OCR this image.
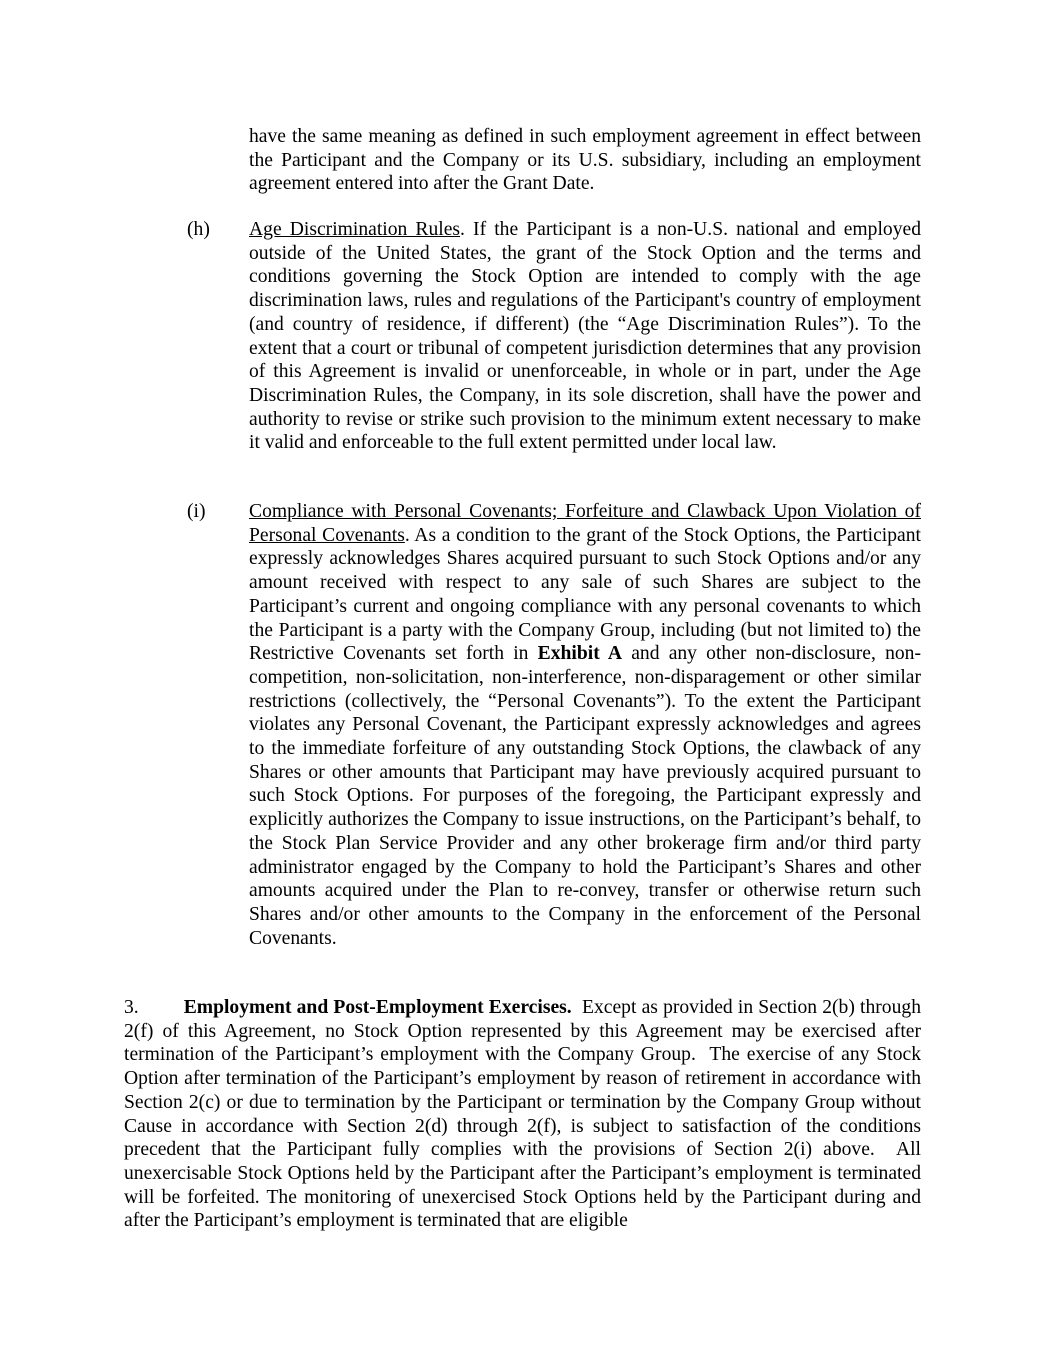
have the same meaning as defined in such employment agreement in effect between the Participant and the Company or its U.S. subsidiary, including an employment agreement entered into after the Grant Date.

(h) Age Discrimination Rules. If the Participant is a non-U.S. national and employed outside of the United States, the grant of the Stock Option and the terms and conditions governing the Stock Option are intended to comply with the age discrimination laws, rules and regulations of the Participant's country of employment (and country of residence, if different) (the “Age Discrimination Rules”). To the extent that a court or tribunal of competent jurisdiction determines that any provision of this Agreement is invalid or unenforceable, in whole or in part, under the Age Discrimination Rules, the Company, in its sole discretion, shall have the power and authority to revise or strike such provision to the minimum extent necessary to make it valid and enforceable to the full extent permitted under local law.

(i) Compliance with Personal Covenants; Forfeiture and Clawback Upon Violation of Personal Covenants. As a condition to the grant of the Stock Options, the Participant expressly acknowledges Shares acquired pursuant to such Stock Options and/or any amount received with respect to any sale of such Shares are subject to the Participant’s current and ongoing compliance with any personal covenants to which the Participant is a party with the Company Group, including (but not limited to) the Restrictive Covenants set forth in Exhibit A and any other non-disclosure, non-competition, non-solicitation, non-interference, non-disparagement or other similar restrictions (collectively, the “Personal Covenants”). To the extent the Participant violates any Personal Covenant, the Participant expressly acknowledges and agrees to the immediate forfeiture of any outstanding Stock Options, the clawback of any Shares or other amounts that Participant may have previously acquired pursuant to such Stock Options. For purposes of the foregoing, the Participant expressly and explicitly authorizes the Company to issue instructions, on the Participant’s behalf, to the Stock Plan Service Provider and any other brokerage firm and/or third party administrator engaged by the Company to hold the Participant’s Shares and other amounts acquired under the Plan to re-convey, transfer or otherwise return such Shares and/or other amounts to the Company in the enforcement of the Personal Covenants.

3. Employment and Post-Employment Exercises.  Except as provided in Section 2(b) through 2(f) of this Agreement, no Stock Option represented by this Agreement may be exercised after termination of the Participant’s employment with the Company Group.  The exercise of any Stock Option after termination of the Participant’s employment by reason of retirement in accordance with Section 2(c) or due to termination by the Participant or termination by the Company Group without Cause in accordance with Section 2(d) through 2(f), is subject to satisfaction of the conditions precedent that the Participant fully complies with the provisions of Section 2(i) above.  All unexercisable Stock Options held by the Participant after the Participant’s employment is terminated will be forfeited. The monitoring of unexercised Stock Options held by the Participant during and after the Participant’s employment is terminated that are eligible
